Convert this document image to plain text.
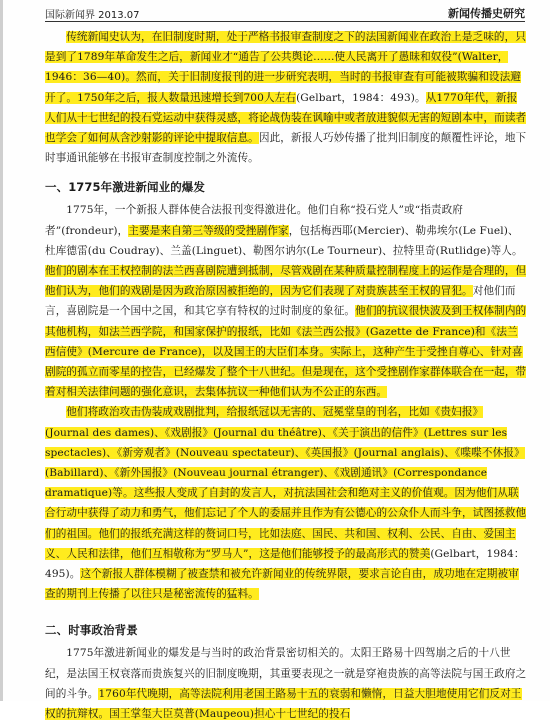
国际新闻界 2013.07	新闻传播史研究

传统新闻史认为，在旧制度时期，处于严格书报审查制度之下的法国新闻业在政治上是乏味的，只是到了1789年革命发生之后，新闻业才“通告了公共舆论……使人民离开了愚昧和奴役”(Walter，1946：36—40)。然而，关于旧制度报刊的进一步研究表明，当时的书报审查有可能被欺骗和设法避开了。1750年之后，报人数量迅速增长到700人左右(Gelbart，1984：493)。从1770年代，新报人们从十七世纪的投石党运动中获得灵感，将论战伪装在讽喻中或者放进貌似无害的短剧本中，而读者也学会了如何从含沙射影的评论中提取信息。因此，新报人巧妙传播了批判旧制度的颠覆性评论，地下时事通讯能够在书报审查制度控制之外流传。

一、1775年激进新闻业的爆发

1775年，一个新报人群体使合法报刊变得激进化。他们自称“投石党人”或“指责政府者”(frondeur)，主要是来自第三等级的受挫剧作家，包括梅西耶(Mercier)、勒弗埃尔(Le Fuel)、杜库德雷(du Coudray)、兰盖(Linguet)、勒图尔讷尔(Le Tourneur)、拉特里奇(Rutlidge)等人。他们的剧本在王权控制的法兰西喜剧院遭到抵制，尽管戏剧在某种质量控制程度上的运作是合理的，但他们认为，他们的戏剧是因为政治原因被拒绝的，因为它们表现了对贵族甚至王权的冒犯。对他们而言，喜剧院是一个国中之国，和其它享有特权的过时制度的象征。他们的抗议很快波及到王权体制内的其他机构，如法兰西学院，和国家保护的报纸，比如《法兰西公报》(Gazette de France)和《法兰西信使》(Mercure de France)，以及国王的大臣们本身。实际上，这种产生于受挫自尊心、针对喜剧院的孤立而零星的控告，已经爆发了整个十八世纪。但是现在，这个受挫剧作家群体联合在一起，带着对相关法律问题的强化意识，去集体抗议一种他们认为不公正的东西。

他们将政治攻击伪装成戏剧批判，给报纸冠以无害的、冠冕堂皇的刊名，比如《贵妇报》(Journal des dames)、《戏剧报》(Journal du théâtre)、《关于演出的信件》(Lettres sur les spectacles)、《新旁观者》(Nouveau spectateur)、《英国报》(Journal anglais)、《喋喋不休报》(Babillard)、《新外国报》(Nouveau journal étranger)、《戏剧通讯》(Correspondance dramatique)等。这些报人变成了自封的发言人，对抗法国社会和绝对主义的价值观。因为他们从联合行动中获得了动力和勇气，他们忘记了个人的委屈并且作为有公德心的公众仆人而斗争，试图拯救他们的祖国。他们的报纸充满这样的赘词口号，比如法庭、国民、共和国、权利、公民、自由、爱国主义、人民和法律，他们互相敬称为“罗马人”，这是他们能够授予的最高形式的赞美(Gelbart，1984：495)。这个新报人群体模糊了被查禁和被允许新闻业的传统界限，要求言论自由，成功地在定期被审查的期刊上传播了以往只是秘密流传的猛料。

二、时事政治背景

1775年激进新闻业的爆发是与当时的政治背景密切相关的。太阳王路易十四驾崩之后的十八世纪，是法国王权衰落而贵族复兴的旧制度晚期，其重要表现之一就是穿袍贵族的高等法院与国王政府之间的斗争。1760年代晚期，高等法院利用老国王路易十五的衰弱和懒惰，日益大胆地使用它们反对王权的抗辩权。国王掌玺大臣莫普(Maupeou)担心十七世纪的投石
